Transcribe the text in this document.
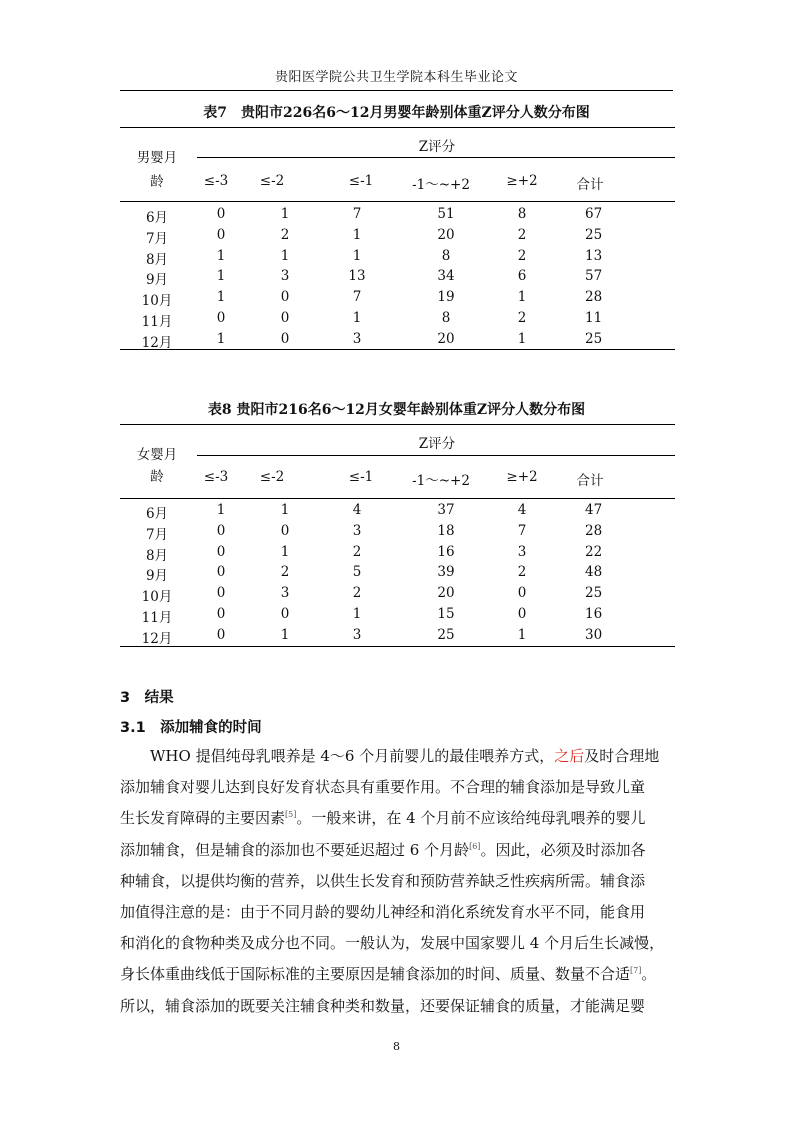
贵阳医学院公共卫生学院本科生毕业论文
表7　贵阳市226名6～12月男婴年龄别体重Z评分人数分布图
男婴月
龄
Z评分
≤-3 ≤-2	≤-1	-1～~+2	≥+2	合计
表8 贵阳市216名6～12月女婴年龄别体重Z评分人数分布图
女婴月
龄
Z评分
≤-3 ≤-2	≤-1	-1～~+2	≥+2	合计
3　结果
3.1　添加辅食的时间
WHO 提倡纯母乳喂养是 4～6 个月前婴儿的最佳喂养方式，之后及时合理地
添加辅食对婴儿达到良好发育状态具有重要作用。不合理的辅食添加是导致儿童
生长发育障碍的主要因素[5]。一般来讲，在 4 个月前不应该给纯母乳喂养的婴儿
添加辅食，但是辅食的添加也不要延迟超过 6 个月龄[6]。因此，必须及时添加各
种辅食，以提供均衡的营养，以供生长发育和预防营养缺乏性疾病所需。辅食添
加值得注意的是：由于不同月龄的婴幼儿神经和消化系统发育水平不同，能食用
和消化的食物种类及成分也不同。一般认为，发展中国家婴儿 4 个月后生长减慢，
身长体重曲线低于国际标准的主要原因是辅食添加的时间、质量、数量不合适[7]。
所以，辅食添加的既要关注辅食种类和数量，还要保证辅食的质量，才能满足婴
8
6月	0	1	7	51	8	67
7月	0	2	1	20	2	25
8月	1	1	1	8	2	13
9月	1	3	13	34	6	57
10月	1	0	7	19	1	28
11月	0	0	1	8	2	11
12月	1	0	3	20	1	25
6月	1	1	4	37	4	47
7月	0	0	3	18	7	28
8月	0	1	2	16	3	22
9月	0	2	5	39	2	48
10月	0	3	2	20	0	25
11月	0	0	1	15	0	16
12月	0	1	3	25	1	30
